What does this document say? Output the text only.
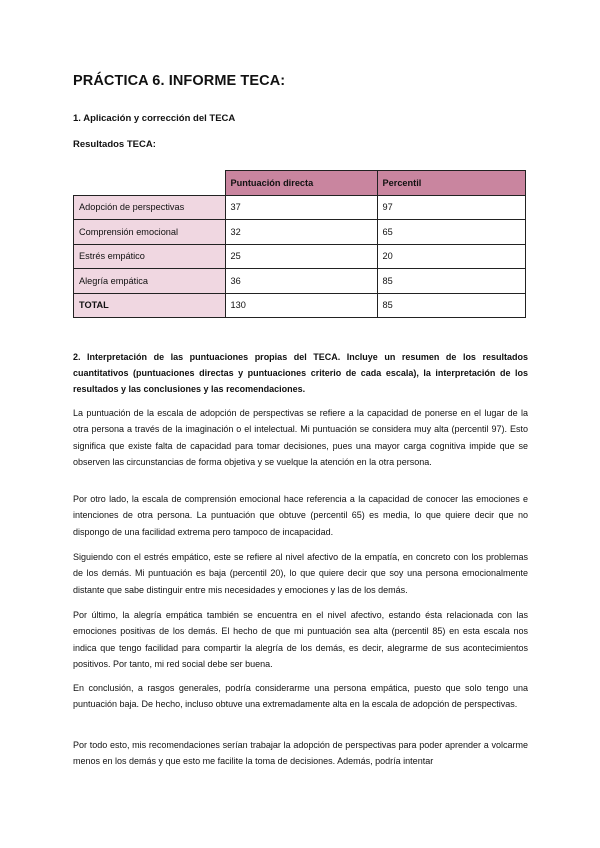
PRÁCTICA 6. INFORME TECA:
1. Aplicación y corrección del TECA
Resultados TECA:
	Puntuación directa	Percentil
Adopción de perspectivas	37	97
Comprensión emocional	32	65
Estrés empático	25	20
Alegría empática	36	85
TOTAL	130	85
2. Interpretación de las puntuaciones propias del TECA. Incluye un resumen de los resultados cuantitativos (puntuaciones directas y puntuaciones criterio de cada escala), la interpretación de los resultados y las conclusiones y las recomendaciones.

La puntuación de la escala de adopción de perspectivas se refiere a la capacidad de ponerse en el lugar de la otra persona a través de la imaginación o el intelectual. Mi puntuación se considera muy alta (percentil 97). Esto significa que existe falta de capacidad para tomar decisiones, pues una mayor carga cognitiva impide que se observen las circunstancias de forma objetiva y se vuelque la atención en la otra persona.

Por otro lado, la escala de comprensión emocional hace referencia a la capacidad de conocer las emociones e intenciones de otra persona. La puntuación que obtuve (percentil 65) es media, lo que quiere decir que no dispongo de una facilidad extrema pero tampoco de incapacidad.

Siguiendo con el estrés empático, este se refiere al nivel afectivo de la empatía, en concreto con los problemas de los demás. Mi puntuación es baja (percentil 20), lo que quiere decir que soy una persona emocionalmente distante que sabe distinguir entre mis necesidades y emociones y las de los demás.

Por último, la alegría empática también se encuentra en el nivel afectivo, estando ésta relacionada con las emociones positivas de los demás. El hecho de que mi puntuación sea alta (percentil 85) en esta escala nos indica que tengo facilidad para compartir la alegría de los demás, es decir, alegrarme de sus acontecimientos positivos. Por tanto, mi red social debe ser buena.

En conclusión, a rasgos generales, podría considerarme una persona empática, puesto que solo tengo una puntuación baja. De hecho, incluso obtuve una extremadamente alta en la escala de adopción de perspectivas.

Por todo esto, mis recomendaciones serían trabajar la adopción de perspectivas para poder aprender a volcarme menos en los demás y que esto me facilite la toma de decisiones. Además, podría intentar
